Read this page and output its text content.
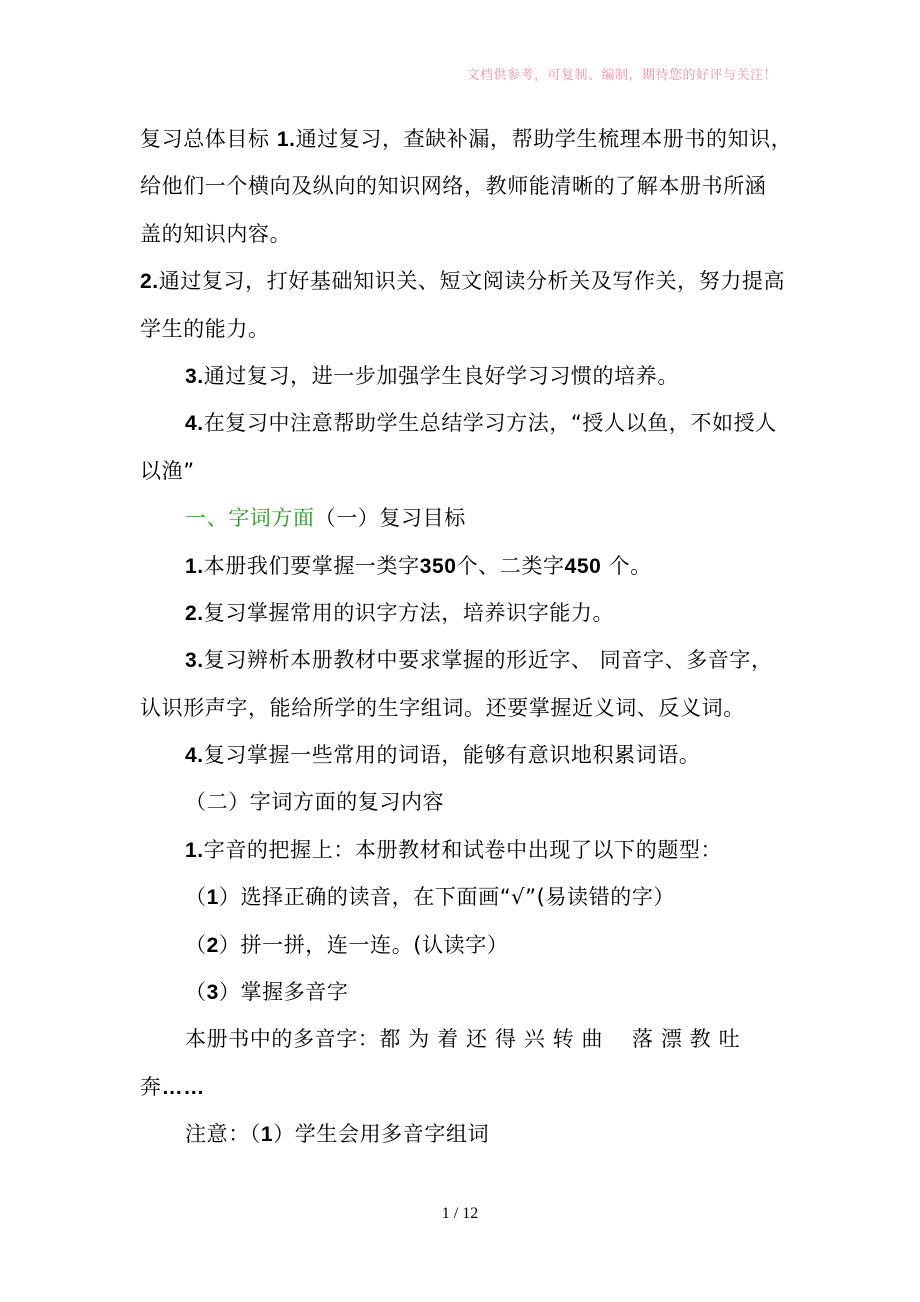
文档供参考，可复制、编制，期待您的好评与关注！
复习总体目标 1.通过复习，查缺补漏，帮助学生梳理本册书的知识，
给他们一个横向及纵向的知识网络，教师能清晰的了解本册书所涵
盖的知识内容。
2.通过复习，打好基础知识关、短文阅读分析关及写作关，努力提高
学生的能力。
3.通过复习，进一步加强学生良好学习习惯的培养。
4.在复习中注意帮助学生总结学习方法，“授人以鱼，不如授人
以渔”
一、字词方面（一）复习目标
1.本册我们要掌握一类字350个、二类字450 个。
2.复习掌握常用的识字方法，培养识字能力。
3.复习辨析本册教材中要求掌握的形近字、 同音字、多音字，
认识形声字，能给所学的生字组词。还要掌握近义词、反义词。
4.复习掌握一些常用的词语，能够有意识地积累词语。
（二）字词方面的复习内容
1.字音的把握上：本册教材和试卷中出现了以下的题型：
（1）选择正确的读音，在下面画“√”(易读错的字）
（2）拼一拼，连一连。(认读字）
（3）掌握多音字
本册书中的多音字：都 为 着 还 得 兴 转 曲 　落 漂 教 吐
奔……
注意：（1）学生会用多音字组词
1 / 12
